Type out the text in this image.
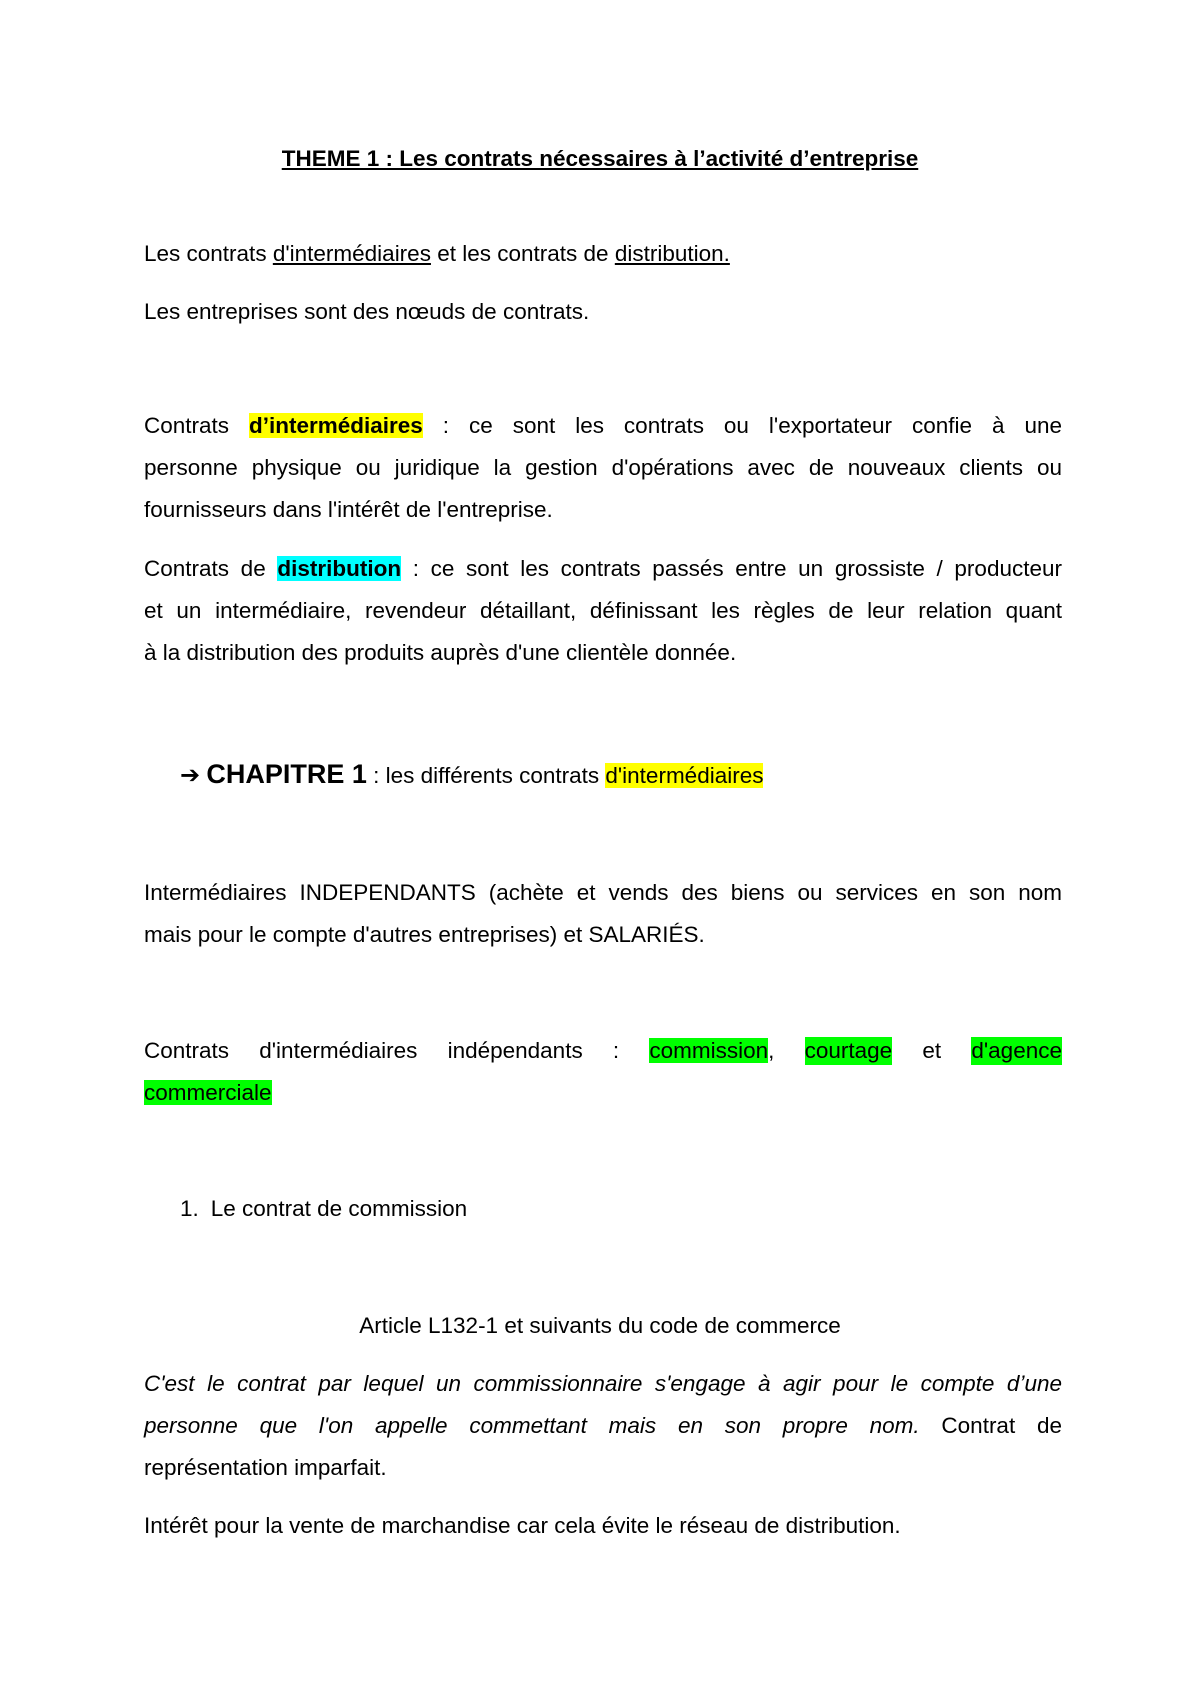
THEME 1 : Les contrats nécessaires à l’activité d’entreprise

Les contrats d'intermédiaires et les contrats de distribution.

Les entreprises sont des nœuds de contrats.

Contrats d’intermédiaires : ce sont les contrats ou l'exportateur confie à une

personne physique ou juridique la gestion d'opérations avec de nouveaux clients ou

fournisseurs dans l'intérêt de l'entreprise.

Contrats de distribution : ce sont les contrats passés entre un grossiste / producteur

et un intermédiaire, revendeur détaillant, définissant les règles de leur relation quant

à la distribution des produits auprès d'une clientèle donnée.

➔ CHAPITRE 1 : les différents contrats d'intermédiaires

Intermédiaires INDEPENDANTS (achète et vends des biens ou services en son nom

mais pour le compte d'autres entreprises) et SALARIÉS.

Contrats d'intermédiaires indépendants : commission, courtage et d'agence

commerciale

1. Le contrat de commission

Article L132-1 et suivants du code de commerce

C'est le contrat par lequel un commissionnaire s'engage à agir pour le compte d’une

personne que l'on appelle commettant mais en son propre nom. Contrat de

représentation imparfait.

Intérêt pour la vente de marchandise car cela évite le réseau de distribution.
